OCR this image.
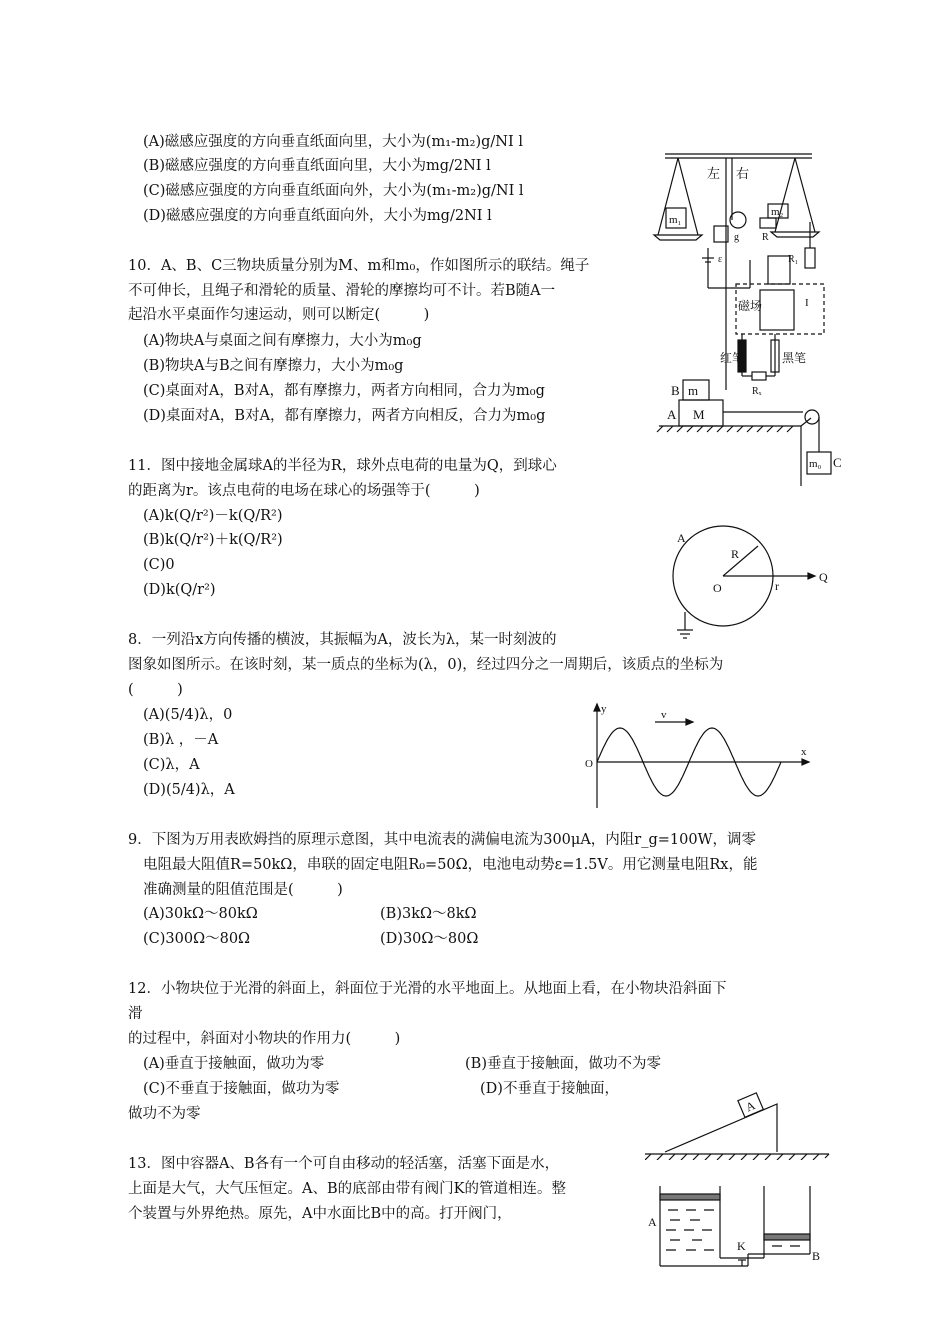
(A)磁感应强度的方向垂直纸面向里，大小为(m₁-m₂)g/NI l
(B)磁感应强度的方向垂直纸面向里，大小为mg/2NI l
(C)磁感应强度的方向垂直纸面向外，大小为(m₁-m₂)g/NI l
(D)磁感应强度的方向垂直纸面向外，大小为mg/2NI l
10．A、B、C三物块质量分别为M、m和m₀，作如图所示的联结。绳子
不可伸长，且绳子和滑轮的质量、滑轮的摩擦均可不计。若B随A一
起沿水平桌面作匀速运动，则可以断定(　　　)
(A)物块A与桌面之间有摩擦力，大小为m₀g
(B)物块A与B之间有摩擦力，大小为m₀g
(C)桌面对A，B对A，都有摩擦力，两者方向相同，合力为m₀g
(D)桌面对A，B对A，都有摩擦力，两者方向相反，合力为m₀g
11．图中接地金属球A的半径为R，球外点电荷的电量为Q，到球心
的距离为r。该点电荷的电场在球心的场强等于(　　　)
(A)k(Q/r²)－k(Q/R²)
(B)k(Q/r²)＋k(Q/R²)
(C)0
(D)k(Q/r²)
8．一列沿x方向传播的横波，其振幅为A，波长为λ，某一时刻波的
图象如图所示。在该时刻，某一质点的坐标为(λ，0)，经过四分之一周期后，该质点的坐标为
(　　　)
(A)(5/4)λ，0
(B)λ ，－A
(C)λ，A
(D)(5/4)λ，A
9．下图为万用表欧姆挡的原理示意图，其中电流表的满偏电流为300μA，内阻r_g=100W，调零
电阻最大阻值R=50kΩ，串联的固定电阻R₀=50Ω，电池电动势ε=1.5V。用它测量电阻Rx，能
准确测量的阻值范围是(　　　)
(A)30kΩ～80kΩ	(B)3kΩ～8kΩ
(C)300Ω～80Ω	(D)30Ω～80Ω
12．小物块位于光滑的斜面上，斜面位于光滑的水平地面上。从地面上看，在小物块沿斜面下
滑
的过程中，斜面对小物块的作用力(　　　)
(A)垂直于接触面，做功为零	(B)垂直于接触面，做功不为零
(C)不垂直于接触面，做功为零	(D)不垂直于接触面，
做功不为零
13．图中容器A、B各有一个可自由移动的轻活塞，活塞下面是水，
上面是大气，大气压恒定。A、B的底部由带有阀门K的管道相连。整
个装置与外界绝热。原先，A中水面比B中的高。打开阀门，
左 右
m₁
m₂
g R
ε	R₁
I
磁场
红笔	黑笔
Rₓ
B m
A M
m₀ C
A
R
O	r
Q
y
O
x
v
A
A
K
B
